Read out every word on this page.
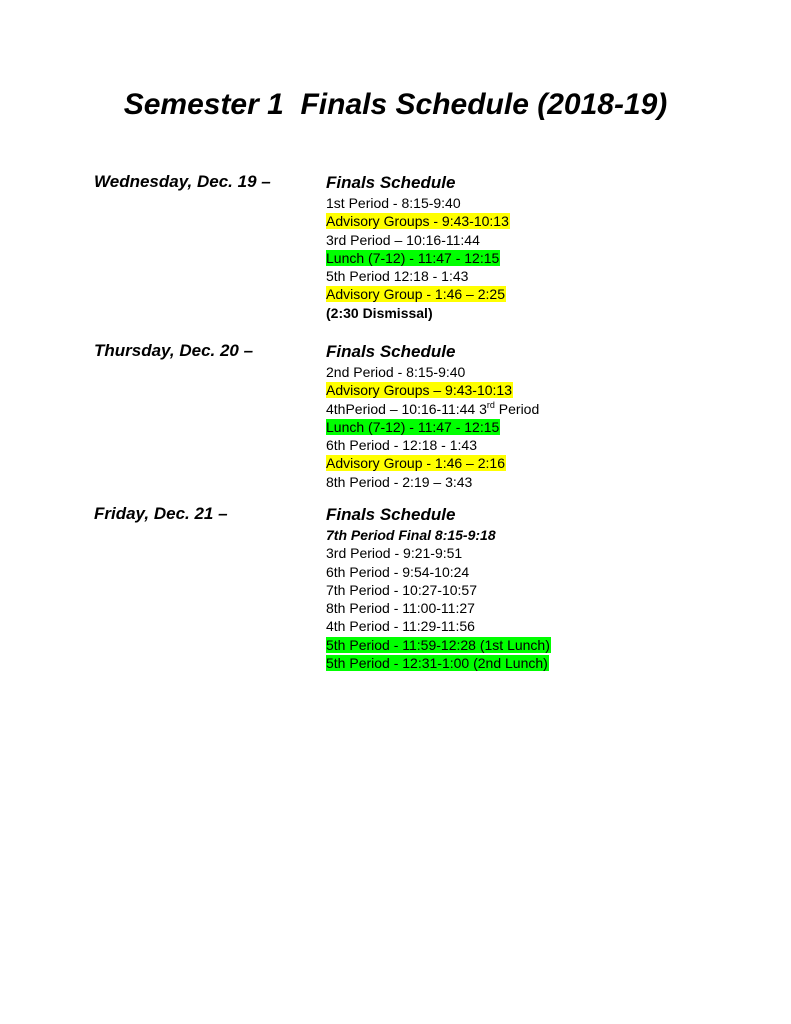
Semester 1  Finals Schedule (2018-19)
Wednesday, Dec. 19 –	Finals Schedule
1st Period - 8:15-9:40
Advisory Groups - 9:43-10:13
3rd Period – 10:16-11:44
Lunch (7-12) - 11:47 - 12:15
5th Period 12:18 - 1:43
Advisory Group - 1:46 – 2:25
(2:30 Dismissal)
Thursday, Dec. 20 –	Finals Schedule
2nd Period - 8:15-9:40
Advisory Groups – 9:43-10:13
4thPeriod – 10:16-11:44 3rd Period
Lunch (7-12) - 11:47 - 12:15
6th Period - 12:18 - 1:43
Advisory Group - 1:46 – 2:16
8th Period - 2:19 – 3:43
Friday, Dec. 21 –	Finals Schedule
7th Period Final 8:15-9:18
3rd Period - 9:21-9:51
6th Period - 9:54-10:24
7th Period - 10:27-10:57
8th Period - 11:00-11:27
4th Period - 11:29-11:56
5th Period - 11:59-12:28 (1st Lunch)
5th Period - 12:31-1:00 (2nd Lunch)
